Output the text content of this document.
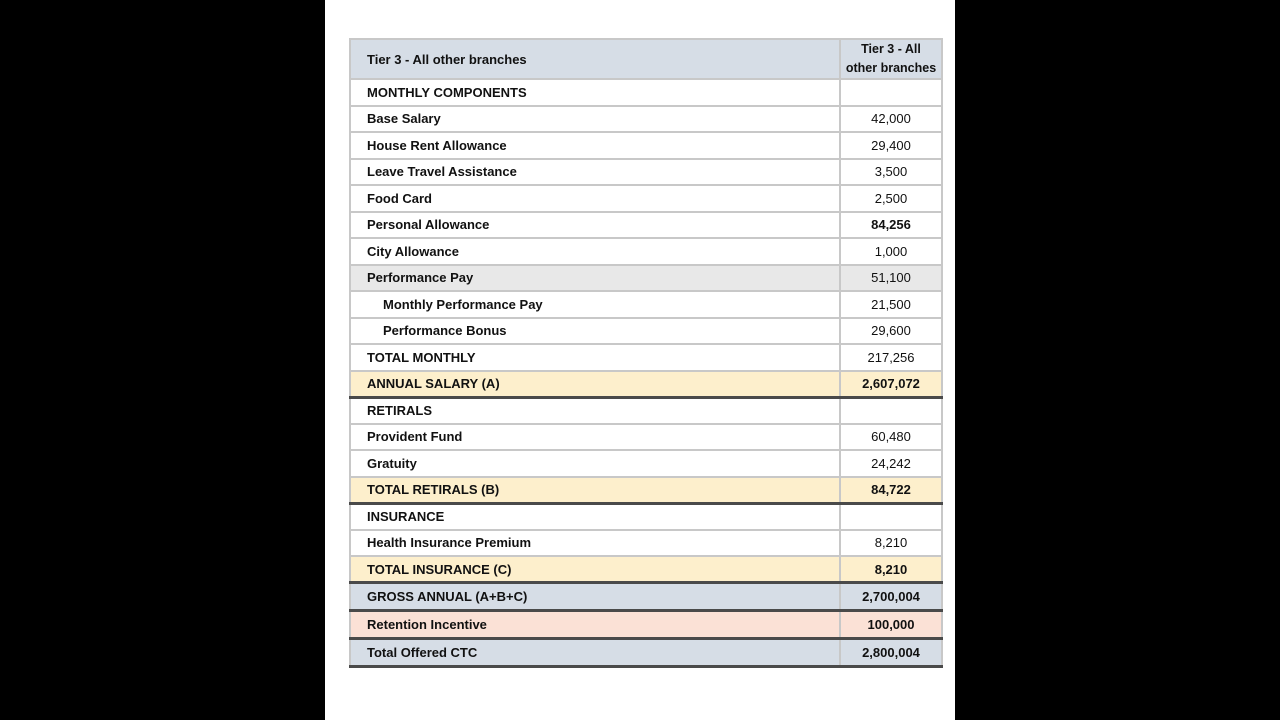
Tier 3 - All other branches	Tier 3 - All
other branches
MONTHLY COMPONENTS	
Base Salary	42,000
House Rent Allowance	29,400
Leave Travel Assistance	3,500
Food Card	2,500
Personal Allowance	84,256
City Allowance	1,000
Performance Pay	51,100
Monthly Performance Pay	21,500
Performance Bonus	29,600
TOTAL MONTHLY	217,256
ANNUAL SALARY (A)	2,607,072
RETIRALS	
Provident Fund	60,480
Gratuity	24,242
TOTAL RETIRALS (B)	84,722
INSURANCE	
Health Insurance Premium	8,210
TOTAL INSURANCE (C)	8,210
GROSS ANNUAL (A+B+C)	2,700,004
Retention Incentive	100,000
Total Offered CTC	2,800,004
